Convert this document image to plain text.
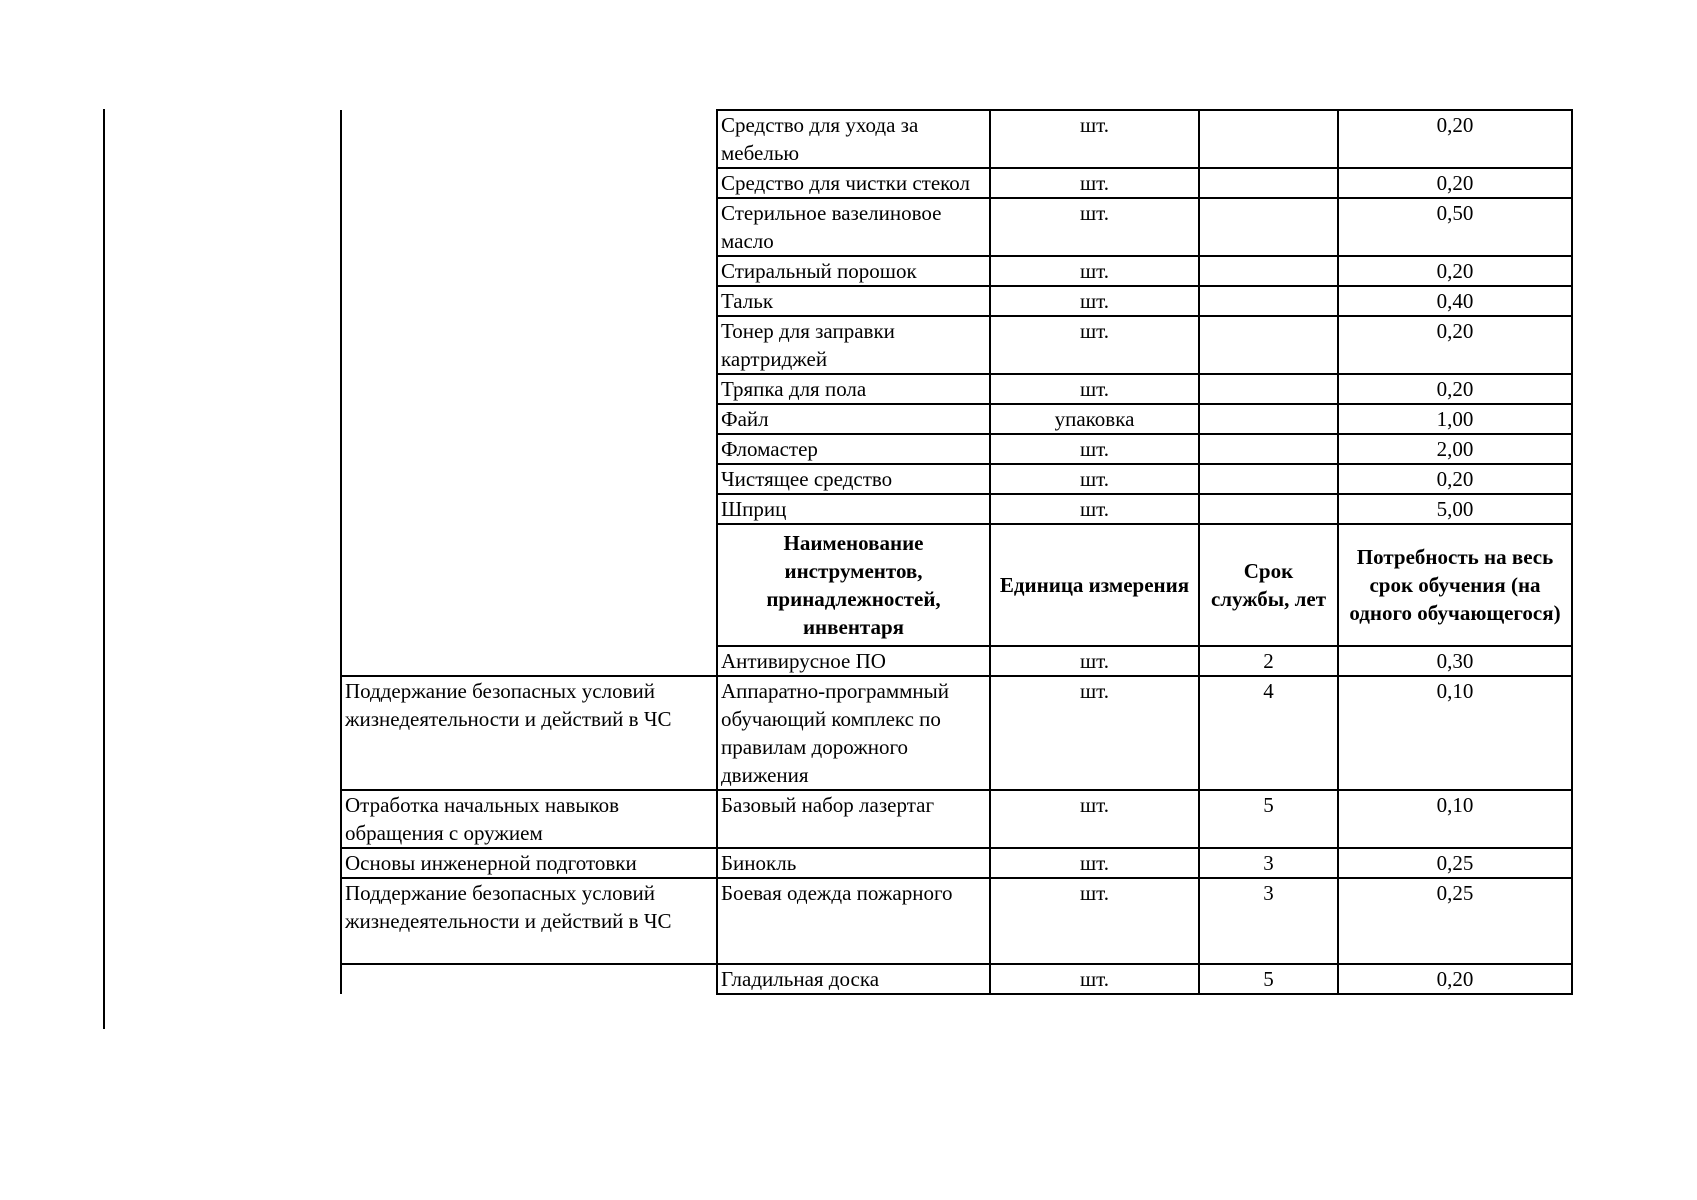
	Средство для ухода за мебелью	шт.		0,20
	Средство для чистки стекол	шт.		0,20
	Стерильное вазелиновое масло	шт.		0,50
	Стиральный порошок	шт.		0,20
	Тальк	шт.		0,40
	Тонер для заправки картриджей	шт.		0,20
	Тряпка для пола	шт.		0,20
	Файл	упаковка		1,00
	Фломастер	шт.		2,00
	Чистящее средство	шт.		0,20
	Шприц	шт.		5,00
	Наименование инструментов, принадлежностей, инвентаря	Единица измерения	Срок службы, лет	Потребность на весь срок обучения (на одного обучающегося)
	Антивирусное ПО	шт.	2	0,30
Поддержание безопасных условий жизнедеятельности и действий в ЧС	Аппаратно-программный обучающий комплекс по правилам дорожного движения	шт.	4	0,10
Отработка начальных навыков обращения с оружием	Базовый набор лазертаг	шт.	5	0,10
Основы инженерной подготовки	Бинокль	шт.	3	0,25
Поддержание безопасных условий жизнедеятельности и действий в ЧС	Боевая одежда пожарного	шт.	3	0,25
	Гладильная доска	шт.	5	0,20
